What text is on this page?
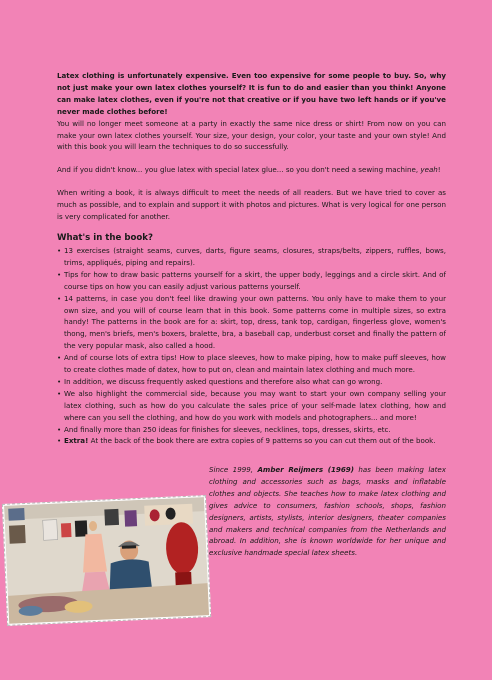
Latex clothing is unfortunately expensive. Even too expensive for some people to buy. So, why not just make your own latex clothes yourself? It is fun to do and easier than you think! Anyone can make latex clothes, even if you're not that creative or if you have two left hands or if you've never made clothes before!

You will no longer meet someone at a party in exactly the same nice dress or shirt! From now on you can make your own latex clothes yourself. Your size, your design, your color, your taste and your own style! And with this book you will learn the techniques to do so successfully.

And if you didn't know... you glue latex with special latex glue... so you don't need a sewing machine, yeah!

When writing a book, it is always difficult to meet the needs of all readers. But we have tried to cover as much as possible, and to explain and support it with photos and pictures. What is very logical for one person is very complicated for another.

What's in the book?
• 13 exercises (straight seams, curves, darts, figure seams, closures, straps/belts, zippers, ruffles, bows, trims, appliqués, piping and repairs).
• Tips for how to draw basic patterns yourself for a skirt, the upper body, leggings and a circle skirt. And of course tips on how you can easily adjust various patterns yourself.
• 14 patterns, in case you don't feel like drawing your own patterns. You only have to make them to your own size, and you will of course learn that in this book. Some patterns come in multiple sizes, so extra handy! The patterns in the book are for a: skirt, top, dress, tank top, cardigan, fingerless glove, women's thong, men's briefs, men's boxers, bralette, bra, a baseball cap, underbust corset and finally the pattern of the very popular mask, also called a hood.
• And of course lots of extra tips! How to place sleeves, how to make piping, how to make puff sleeves, how to create clothes made of datex, how to put on, clean and maintain latex clothing and much more.
• In addition, we discuss frequently asked questions and therefore also what can go wrong.
• We also highlight the commercial side, because you may want to start your own company selling your latex clothing, such as how do you calculate the sales price of your self-made latex clothing, how and where can you sell the clothing, and how do you work with models and photographers... and more!
• And finally more than 250 ideas for finishes for sleeves, necklines, tops, dresses, skirts, etc.
• Extra! At the back of the book there are extra copies of 9 patterns so you can cut them out of the book.
Since 1999, Amber Reijmers (1969) has been making latex clothing and accessories such as bags, masks and inflatable clothes and objects. She teaches how to make latex clothing and gives advice to consumers, fashion schools, shops, fashion designers, artists, stylists, interior designers, theater companies and makers and technical companies from the Netherlands and abroad. In addition, she is known worldwide for her unique and exclusive handmade special latex sheets.
